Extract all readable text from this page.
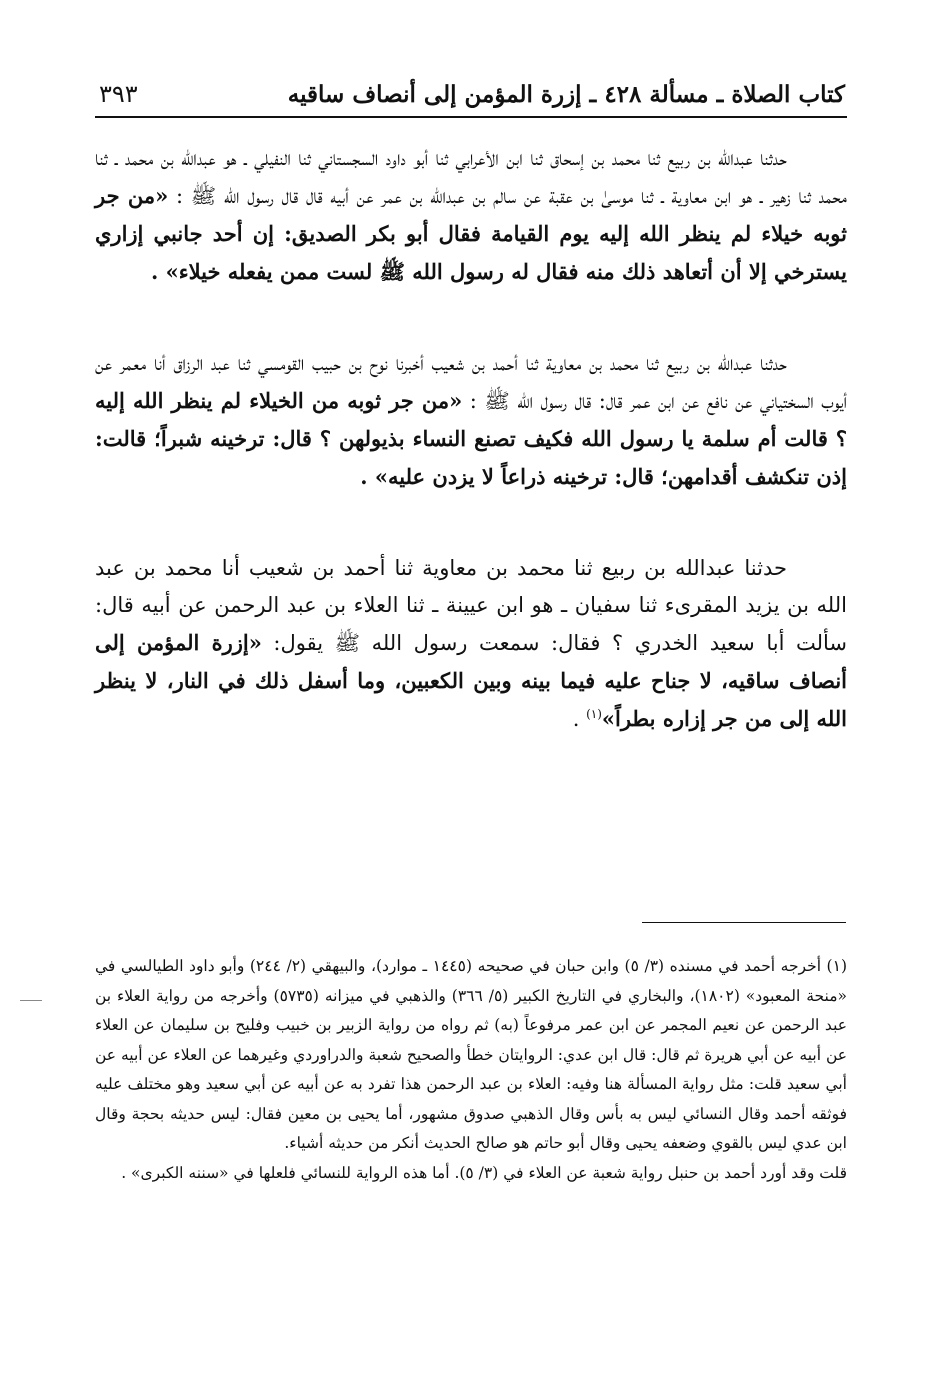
كتاب الصلاة ـ مسألة ٤٢٨ ـ إزرة المؤمن إلى أنصاف ساقيه
٣٩٣

حدثنا عبدالله بن ربيع ثنا محمد بن إسحاق ثنا ابن الأعرابي ثنا أبو داود السجستاني ثنا النفيلي ـ هو عبدالله بن محمد ـ ثنا محمد ثنا زهير ـ هو ابن معاوية ـ ثنا موسىٰ بن عقبة عن سالم بن عبدالله بن عمر عن أبيه قال قال رسول الله ﷺ : «من جر ثوبه خيلاء لم ينظر الله إليه يوم القيامة فقال أبو بكر الصديق: إن أحد جانبي إزاري يسترخي إلا أن أتعاهد ذلك منه فقال له رسول الله ﷺ لست ممن يفعله خيلاء» .

حدثنا عبدالله بن ربيع ثنا محمد بن معاوية ثنا أحمد بن شعيب أخبرنا نوح بن حبيب القومسي ثنا عبد الرزاق أنا معمر عن أيوب السختياني عن نافع عن ابن عمر قال: قال رسول الله ﷺ : «من جر ثوبه من الخيلاء لم ينظر الله إليه ؟ قالت أم سلمة يا رسول الله فكيف تصنع النساء بذيولهن ؟ قال: ترخينه شبراً؛ قالت: إذن تنكشف أقدامهن؛ قال: ترخينه ذراعاً لا يزدن عليه» .

حدثنا عبدالله بن ربيع ثنا محمد بن معاوية ثنا أحمد بن شعيب أنا محمد بن عبد الله بن يزيد المقرىء ثنا سفيان ـ هو ابن عيينة ـ ثنا العلاء بن عبد الرحمن عن أبيه قال: سألت أبا سعيد الخدري ؟ فقال: سمعت رسول الله ﷺ يقول: «إزرة المؤمن إلى أنصاف ساقيه، لا جناح عليه فيما بينه وبين الكعبين، وما أسفل ذلك في النار، لا ينظر الله إلى من جر إزاره بطراً»$^{(١)}$ .

(١) أخرجه أحمد في مسنده (٣/ ٥) وابن حبان في صحيحه (١٤٤٥ ـ موارد)، والبيهقي (٢/ ٢٤٤) وأبو داود الطيالسي في «منحة المعبود» (١٨٠٢)، والبخاري في التاريخ الكبير (٥/ ٣٦٦) والذهبي في ميزانه (٥٧٣٥) وأخرجه من رواية العلاء بن عبد الرحمن عن نعيم المجمر عن ابن عمر مرفوعاً (به) ثم رواه من رواية الزبير بن خبيب وفليح بن سليمان عن العلاء عن أبيه عن أبي هريرة ثم قال: قال ابن عدي: الروايتان خطأ والصحيح شعبة والدراوردي وغيرهما عن العلاء عن أبيه عن أبي سعيد قلت: مثل رواية المسألة هنا وفيه: العلاء بن عبد الرحمن هذا تفرد به عن أبيه عن أبي سعيد وهو مختلف عليه فوثقه أحمد وقال النسائي ليس به بأس وقال الذهبي صدوق مشهور، أما يحيى بن معين فقال: ليس حديثه بحجة وقال ابن عدي ليس بالقوي وضعفه يحيى وقال أبو حاتم هو صالح الحديث أنكر من حديثه أشياء.

قلت وقد أورد أحمد بن حنبل رواية شعبة عن العلاء في (٣/ ٥). أما هذه الرواية للنسائي فلعلها في «سننه الكبرى» .
